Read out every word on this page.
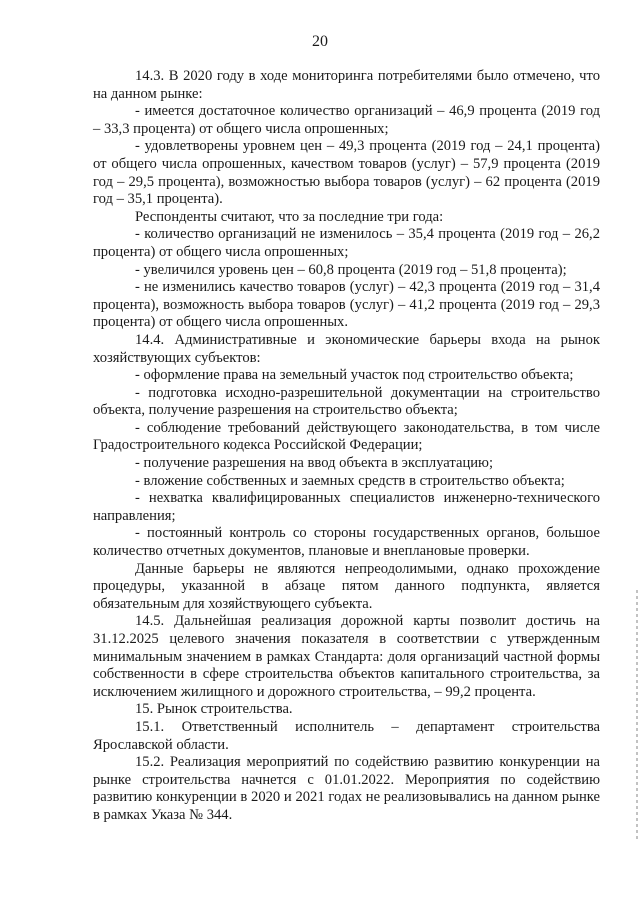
20

14.3. В 2020 году в ходе мониторинга потребителями было отмечено, что на данном рынке:

- имеется достаточное количество организаций – 46,9 процента (2019 год – 33,3 процента) от общего числа опрошенных;

- удовлетворены уровнем цен – 49,3 процента (2019 год – 24,1 процента) от общего числа опрошенных, качеством товаров (услуг) – 57,9 процента (2019 год – 29,5 процента), возможностью выбора товаров (услуг) – 62 процента (2019 год – 35,1 процента).

Респонденты считают, что за последние три года:

- количество организаций не изменилось – 35,4 процента (2019 год – 26,2 процента) от общего числа опрошенных;

- увеличился уровень цен – 60,8 процента (2019 год – 51,8 процента);

- не изменились качество товаров (услуг) – 42,3 процента (2019 год – 31,4 процента), возможность выбора товаров (услуг) – 41,2 процента (2019 год – 29,3 процента) от общего числа опрошенных.

14.4. Административные и экономические барьеры входа на рынок хозяйствующих субъектов:

- оформление права на земельный участок под строительство объекта;

- подготовка исходно-разрешительной документации на строительство объекта, получение разрешения на строительство объекта;

- соблюдение требований действующего законодательства, в том числе Градостроительного кодекса Российской Федерации;

- получение разрешения на ввод объекта в эксплуатацию;

- вложение собственных и заемных средств в строительство объекта;

- нехватка квалифицированных специалистов инженерно-технического направления;

- постоянный контроль со стороны государственных органов, большое количество отчетных документов, плановые и внеплановые проверки.

Данные барьеры не являются непреодолимыми, однако прохождение процедуры, указанной в абзаце пятом данного подпункта, является обязательным для хозяйствующего субъекта.

14.5. Дальнейшая реализация дорожной карты позволит достичь на 31.12.2025 целевого значения показателя в соответствии с утвержденным минимальным значением в рамках Стандарта: доля организаций частной формы собственности в сфере строительства объектов капитального строительства, за исключением жилищного и дорожного строительства, – 99,2 процента.

15. Рынок строительства.

15.1. Ответственный исполнитель – департамент строительства Ярославской области.

15.2. Реализация мероприятий по содействию развитию конкуренции на рынке строительства начнется с 01.01.2022. Мероприятия по содействию развитию конкуренции в 2020 и 2021 годах не реализовывались на данном рынке в рамках Указа № 344.
